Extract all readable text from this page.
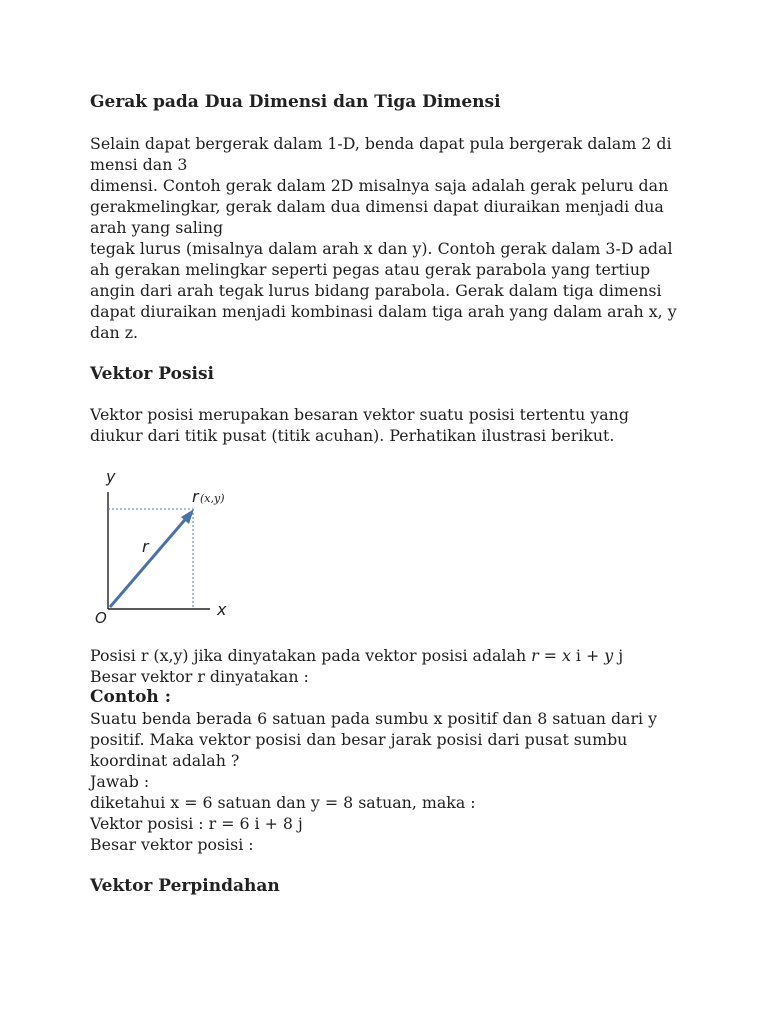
Gerak pada Dua Dimensi dan Tiga Dimensi
Selain dapat bergerak dalam 1-D, benda dapat pula bergerak dalam 2 di
mensi dan 3
dimensi. Contoh gerak dalam 2D misalnya saja adalah gerak peluru dan
gerakmelingkar, gerak dalam dua dimensi dapat diuraikan menjadi dua
arah yang saling
tegak lurus (misalnya dalam arah x dan y). Contoh gerak dalam 3-D adal
ah gerakan melingkar seperti pegas atau gerak parabola yang tertiup
angin dari arah tegak lurus bidang parabola. Gerak dalam tiga dimensi
dapat diuraikan menjadi kombinasi dalam tiga arah yang dalam arah x, y
dan z.
Vektor Posisi
Vektor posisi merupakan besaran vektor suatu posisi tertentu yang
diukur dari titik pusat (titik acuhan). Perhatikan ilustrasi berikut.
Posisi r (x,y) jika dinyatakan pada vektor posisi adalah r = x i + y j
Besar vektor r dinyatakan :
Contoh :
Suatu benda berada 6 satuan pada sumbu x positif dan 8 satuan dari y
positif. Maka vektor posisi dan besar jarak posisi dari pusat sumbu
koordinat adalah ?
Jawab :
diketahui x = 6 satuan dan y = 8 satuan, maka :
Vektor posisi : r = 6 i + 8 j
Besar vektor posisi :
Vektor Perpindahan
y
x
O
r
r (x,y)
